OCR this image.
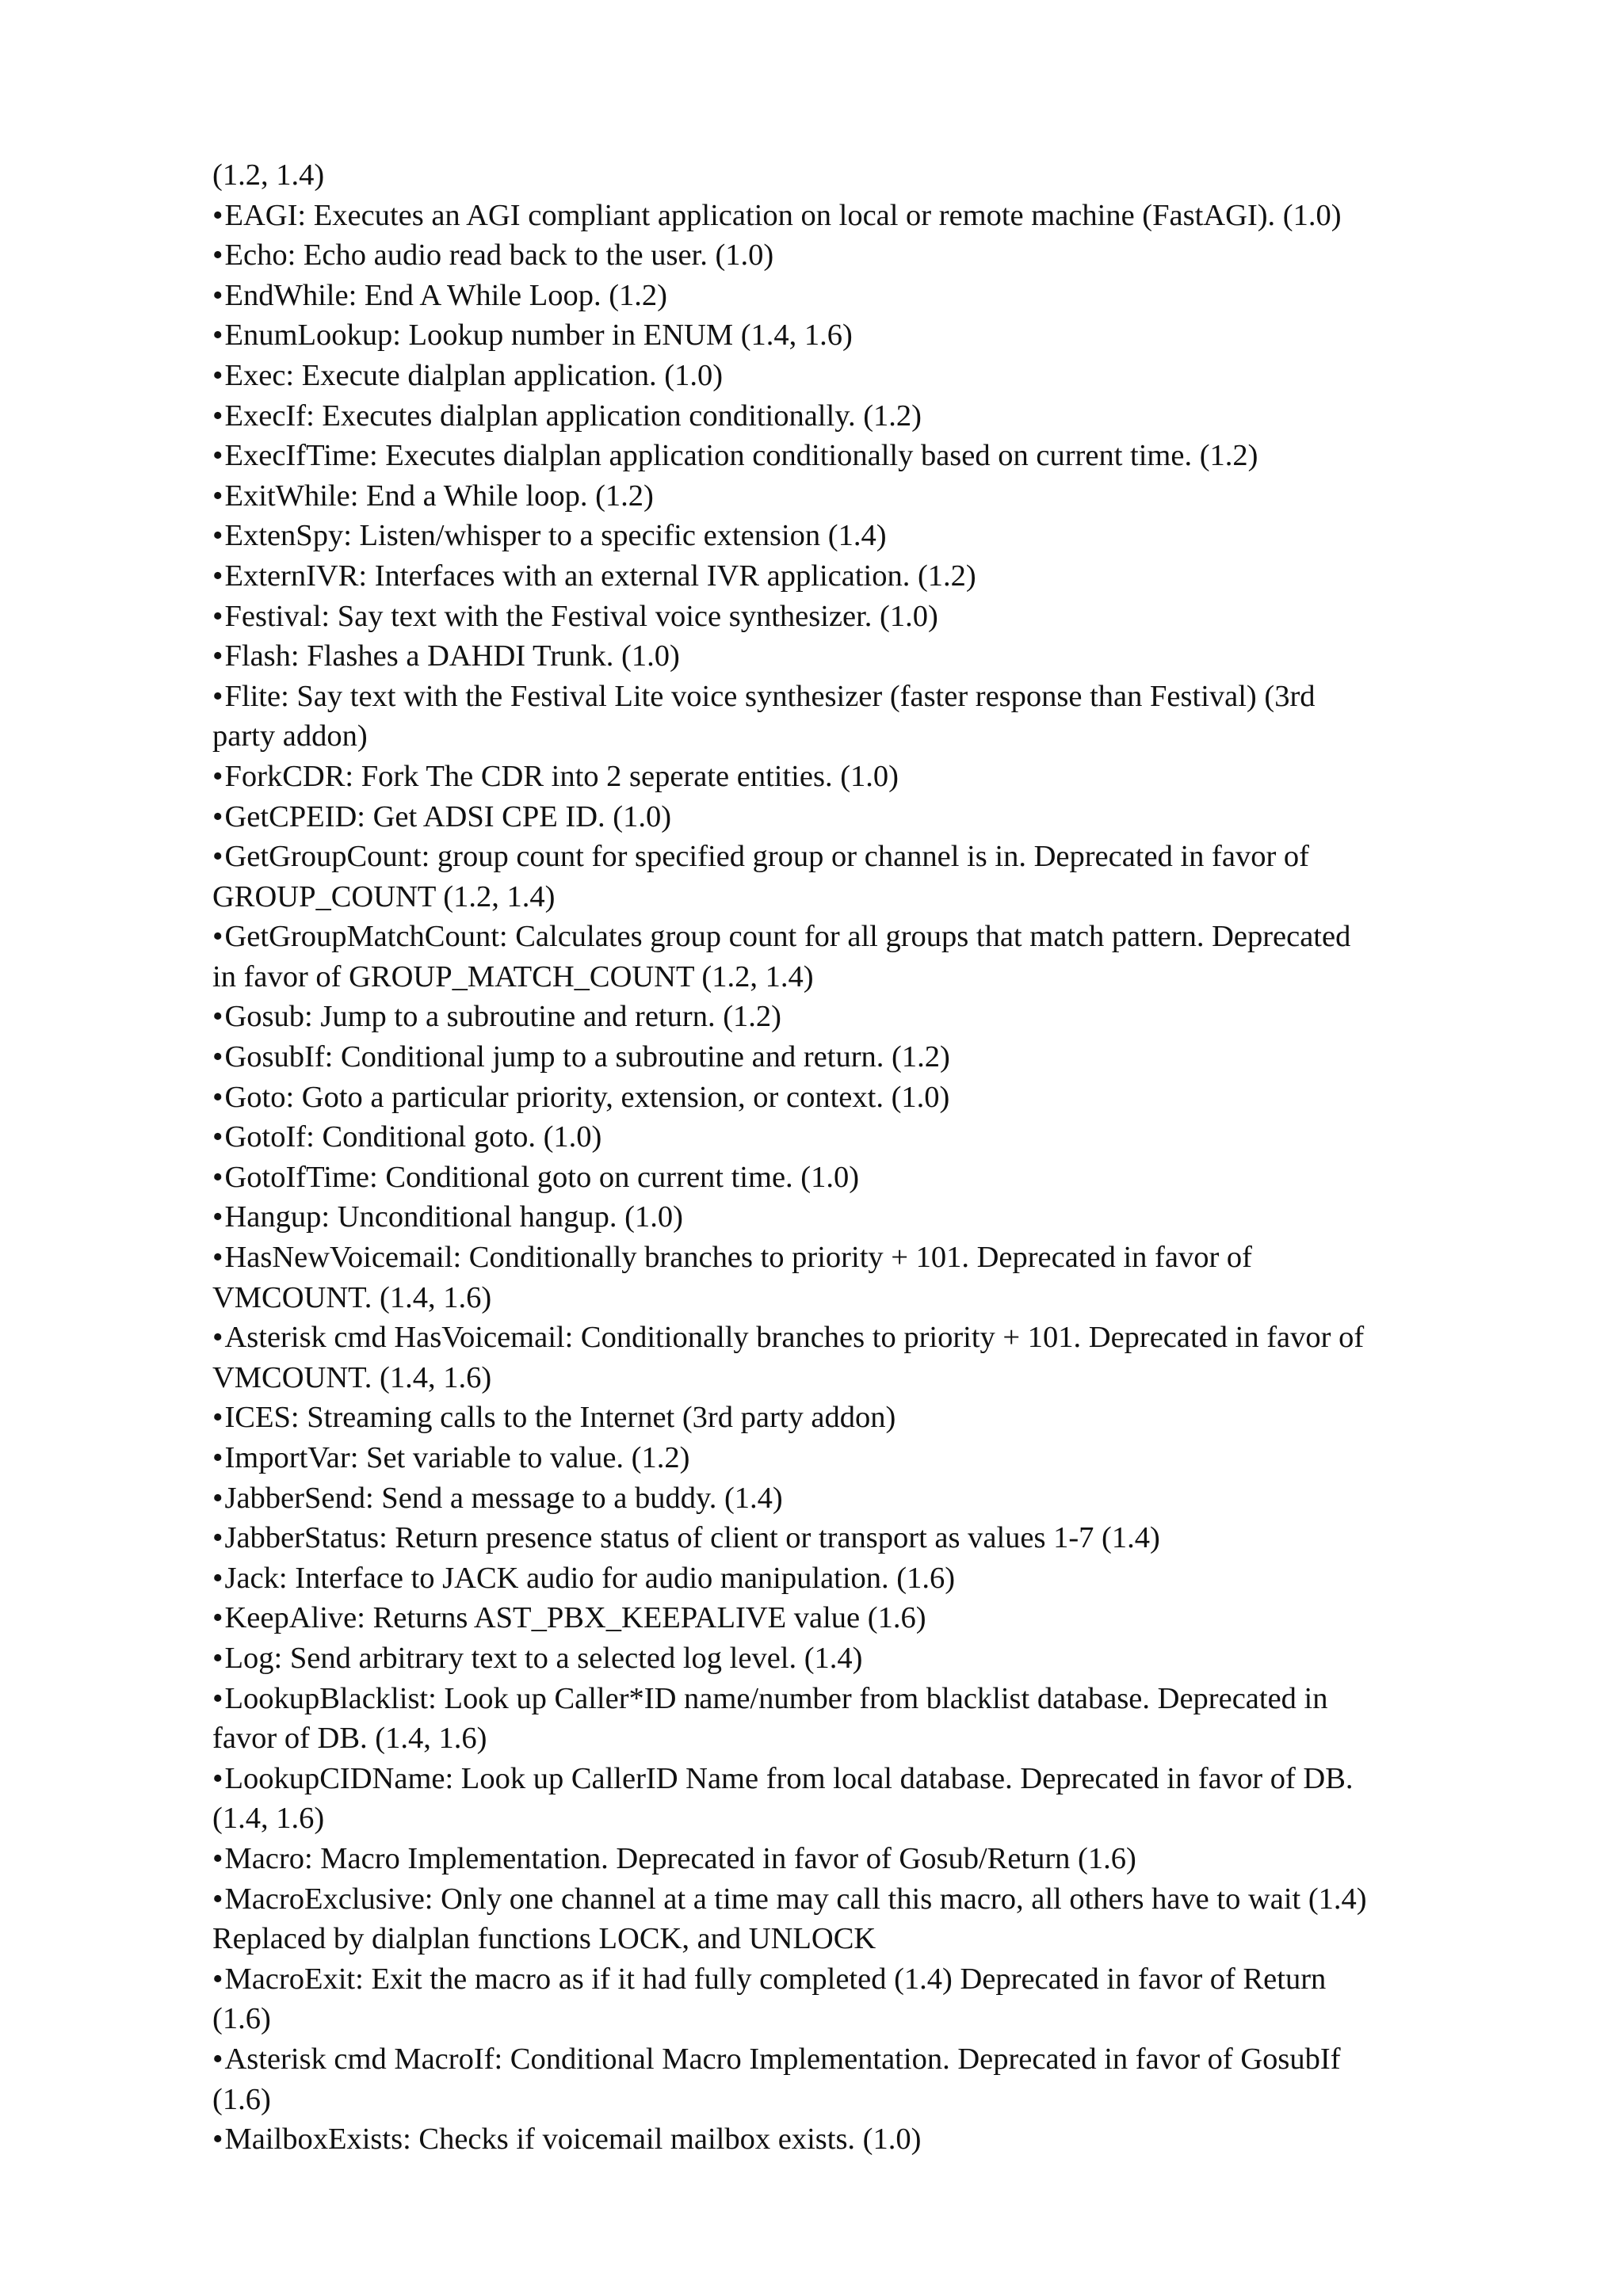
(1.2, 1.4)
•EAGI: Executes an AGI compliant application on local or remote machine (FastAGI). (1.0)
•Echo: Echo audio read back to the user. (1.0)
•EndWhile: End A While Loop. (1.2)
•EnumLookup: Lookup number in ENUM (1.4, 1.6)
•Exec: Execute dialplan application. (1.0)
•ExecIf: Executes dialplan application conditionally. (1.2)
•ExecIfTime: Executes dialplan application conditionally based on current time. (1.2)
•ExitWhile: End a While loop. (1.2)
•ExtenSpy: Listen/whisper to a specific extension (1.4)
•ExternIVR: Interfaces with an external IVR application. (1.2)
•Festival: Say text with the Festival voice synthesizer. (1.0)
•Flash: Flashes a DAHDI Trunk. (1.0)
•Flite: Say text with the Festival Lite voice synthesizer (faster response than Festival) (3rd
party addon)
•ForkCDR: Fork The CDR into 2 seperate entities. (1.0)
•GetCPEID: Get ADSI CPE ID. (1.0)
•GetGroupCount: group count for specified group or channel is in. Deprecated in favor of
GROUP_COUNT (1.2, 1.4)
•GetGroupMatchCount: Calculates group count for all groups that match pattern. Deprecated
in favor of GROUP_MATCH_COUNT (1.2, 1.4)
•Gosub: Jump to a subroutine and return. (1.2)
•GosubIf: Conditional jump to a subroutine and return. (1.2)
•Goto: Goto a particular priority, extension, or context. (1.0)
•GotoIf: Conditional goto. (1.0)
•GotoIfTime: Conditional goto on current time. (1.0)
•Hangup: Unconditional hangup. (1.0)
•HasNewVoicemail: Conditionally branches to priority + 101. Deprecated in favor of
VMCOUNT. (1.4, 1.6)
•Asterisk cmd HasVoicemail: Conditionally branches to priority + 101. Deprecated in favor of
VMCOUNT. (1.4, 1.6)
•ICES: Streaming calls to the Internet (3rd party addon)
•ImportVar: Set variable to value. (1.2)
•JabberSend: Send a message to a buddy. (1.4)
•JabberStatus: Return presence status of client or transport as values 1-7 (1.4)
•Jack: Interface to JACK audio for audio manipulation. (1.6)
•KeepAlive: Returns AST_PBX_KEEPALIVE value (1.6)
•Log: Send arbitrary text to a selected log level. (1.4)
•LookupBlacklist: Look up Caller*ID name/number from blacklist database. Deprecated in
favor of DB. (1.4, 1.6)
•LookupCIDName: Look up CallerID Name from local database. Deprecated in favor of DB.
(1.4, 1.6)
•Macro: Macro Implementation. Deprecated in favor of Gosub/Return (1.6)
•MacroExclusive: Only one channel at a time may call this macro, all others have to wait (1.4)
Replaced by dialplan functions LOCK, and UNLOCK
•MacroExit: Exit the macro as if it had fully completed (1.4) Deprecated in favor of Return
(1.6)
•Asterisk cmd MacroIf: Conditional Macro Implementation. Deprecated in favor of GosubIf
(1.6)
•MailboxExists: Checks if voicemail mailbox exists. (1.0)
